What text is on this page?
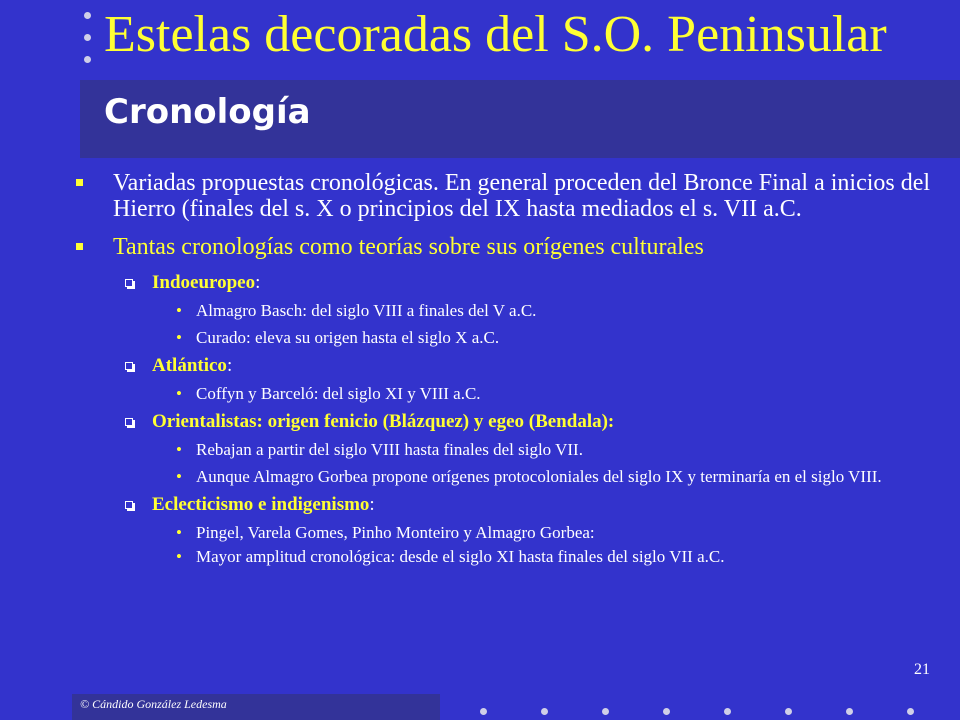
Estelas decoradas del S.O. Peninsular
Cronología
Variadas propuestas cronológicas. En general proceden del Bronce Final a inicios del Hierro (finales del s. X o principios del IX hasta mediados el s. VII a.C.
Tantas cronologías como teorías sobre sus orígenes culturales
Indoeuropeo:
• Almagro Basch: del siglo VIII a finales del V a.C.
• Curado: eleva su origen hasta el siglo X a.C.
Atlántico:
• Coffyn y Barceló: del siglo XI y VIII a.C.
Orientalistas: origen fenicio (Blázquez) y egeo (Bendala):
• Rebajan a partir del siglo VIII hasta finales del siglo VII.
• Aunque Almagro Gorbea propone orígenes protocoloniales del siglo IX y terminaría en el siglo VIII.
Eclecticismo e indigenismo:
• Pingel, Varela Gomes, Pinho Monteiro y Almagro Gorbea:
• Mayor amplitud cronológica: desde el siglo XI hasta finales del siglo VII a.C.
21
© Cándido González Ledesma
